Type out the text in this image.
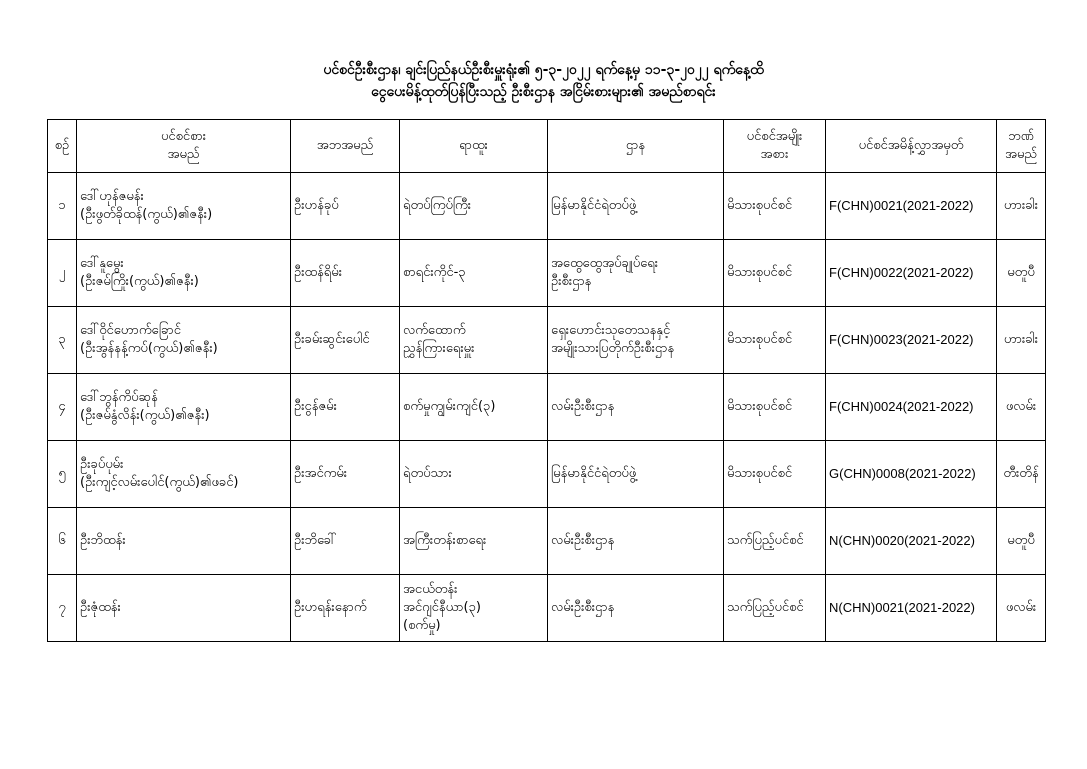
ပင်စင်ဦးစီးဌာန၊ ချင်းပြည်နယ်ဦးစီးမှူးရုံး၏ ၅-၃-၂၀၂၂ ရက်နေ့မှ ၁၁-၃-၂၀၂၂ ရက်နေ့ထိ
ငွေပေးမိန့်ထုတ်ပြန်ပြီးသည့် ဦးစီးဌာန အငြိမ်းစားများ၏ အမည်စာရင်း
စဉ်	ပင်စင်စား
အမည်	အဘအမည်	ရာထူး	ဌာန	ပင်စင်အမျိုး
အစား	ပင်စင်အမိန့်လွှာအမှတ်	ဘဏ်
အမည်

၁	ဒေါ်ဟုန်ဇမန်း
(ဦးဖွတ်ခိုထန်(ကွယ်)၏ဇနီး)	ဦးဟန်ခုပ်	ရဲတပ်ကြပ်ကြီး	မြန်မာနိုင်ငံရဲတပ်ဖွဲ့	မိသားစုပင်စင်	F(CHN)0021(2021-2022)	ဟားခါး
၂	ဒေါ်နူမွေး
(ဦးဇမ်ကြိုး(ကွယ်)၏ဇနီး)	ဦးထန်ရိမ်း	စာရင်းကိုင်-၃	အထွေထွေအုပ်ချုပ်ရေး
ဦးစီးဌာန	မိသားစုပင်စင်	F(CHN)0022(2021-2022)	မတူပီ
၃	ဒေါ်ဝိုင်ဟောက်ခြောင်
(ဦးအွန်နန့်ကပ်(ကွယ်)၏ဇနီး)	ဦးခမ်းဆွင်းပေါင်	လက်ထောက်
ညွှန်ကြားရေးမှူး	ရှေးဟောင်းသုတေသနနှင့်
အမျိုးသားပြတိုက်ဦးစီးဌာန	မိသားစုပင်စင်	F(CHN)0023(2021-2022)	ဟားခါး
၄	ဒေါ်ဘွန်ကိပ်ဆုန်
(ဦးဇမ်နွံလိန်း(ကွယ်)၏ဇနီး)	ဦးငွန်ဇမ်း	စက်မှုကျွမ်းကျင်(၃)	လမ်းဦးစီးဌာန	မိသားစုပင်စင်	F(CHN)0024(2021-2022)	ဖလမ်း
၅	ဦးခုပ်ပုမ်း
(ဦးကျင့်လမ်းပေါင်(ကွယ်)၏ဖခင်)	ဦးအင်ကမ်း	ရဲတပ်သား	မြန်မာနိုင်ငံရဲတပ်ဖွဲ့	မိသားစုပင်စင်	G(CHN)0008(2021-2022)	တီးတိန်
၆	ဦးဘိထန်း	ဦးဘိခေါ်	အကြီးတန်းစာရေး	လမ်းဦးစီးဌာန	သက်ပြည့်ပင်စင်	N(CHN)0020(2021-2022)	မတူပီ
၇	ဦးဇုံထန်း	ဦးဟရန်းနောက်	အငယ်တန်း
အင်ဂျင်နီယာ(၃)
(စက်မှု)	လမ်းဦးစီးဌာန	သက်ပြည့်ပင်စင်	N(CHN)0021(2021-2022)	ဖလမ်း
